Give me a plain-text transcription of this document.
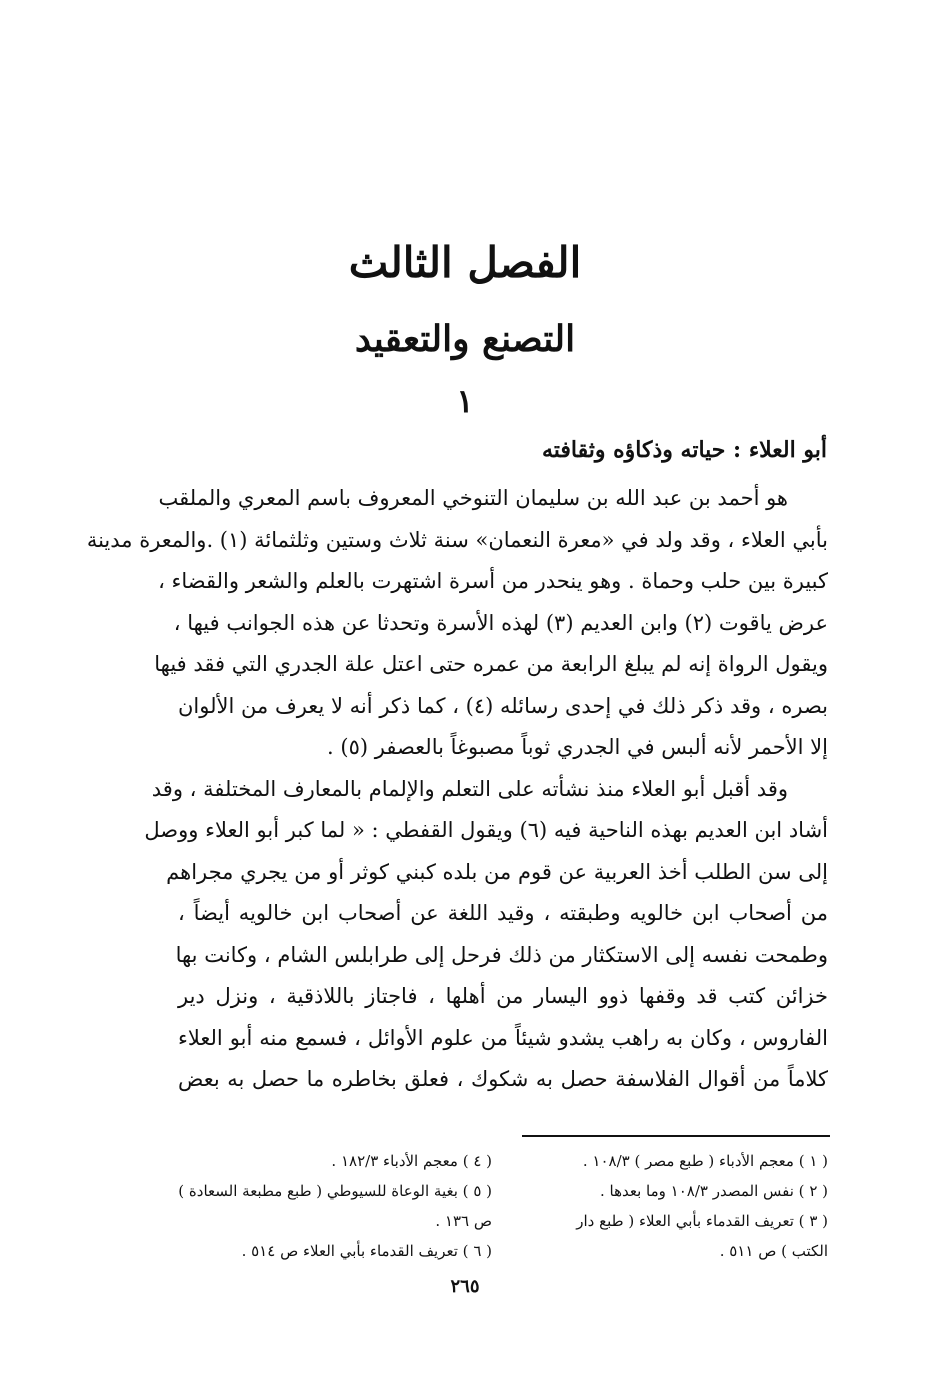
الفصل الثالث
التصنع والتعقيد
١
أبو العلاء : حياته وذكاؤه وثقافته
هو أحمد بن عبد الله بن سليمان التنوخي المعروف باسم المعري والملقب
بأبي العلاء ، وقد ولد في «معرة النعمان» سنة ثلاث وستين وثلثمائة (١) .والمعرة مدينة
كبيرة بين حلب وحماة . وهو ينحدر من أسرة اشتهرت بالعلم والشعر والقضاء ،
عرض ياقوت (٢) وابن العديم (٣) لهذه الأسرة وتحدثا عن هذه الجوانب فيها ،
ويقول الرواة إنه لم يبلغ الرابعة من عمره حتى اعتل علة الجدري التي فقد فيها
بصره ، وقد ذكر ذلك في إحدى رسائله (٤) ، كما ذكر أنه لا يعرف من الألوان
إلا الأحمر لأنه ألبس في الجدري ثوباً مصبوغاً بالعصفر (٥) .
وقد أقبل أبو العلاء منذ نشأته على التعلم والإلمام بالمعارف المختلفة ، وقد
أشاد ابن العديم بهذه الناحية فيه (٦) ويقول القفطي : « لما كبر أبو العلاء ووصل
إلى سن الطلب أخذ العربية عن قوم من بلده كبني كوثر أو من يجري مجراهم
من أصحاب ابن خالويه وطبقته ، وقيد اللغة عن أصحاب ابن خالويه أيضاً ،
وطمحت نفسه إلى الاستكثار من ذلك فرحل إلى طرابلس الشام ، وكانت بها
خزائن كتب قد وقفها ذوو اليسار من أهلها ، فاجتاز باللاذقية ، ونزل دير
الفاروس ، وكان به راهب يشدو شيئاً من علوم الأوائل ، فسمع منه أبو العلاء
كلاماً من أقوال الفلاسفة حصل به شكوك ، فعلق بخاطره ما حصل به بعض
( ١ ) معجم الأدباء ( طبع مصر ) ١٠٨/٣ .
( ٢ ) نفس المصدر ١٠٨/٣ وما بعدها .
( ٣ ) تعريف القدماء بأبي العلاء ( طبع دار
الكتب ) ص ٥١١ .
( ٤ ) معجم الأدباء ١٨٢/٣ .
( ٥ ) بغية الوعاة للسيوطي ( طبع مطبعة السعادة )
ص ١٣٦ .
( ٦ ) تعريف القدماء بأبي العلاء ص ٥١٤ .
٢٦٥
